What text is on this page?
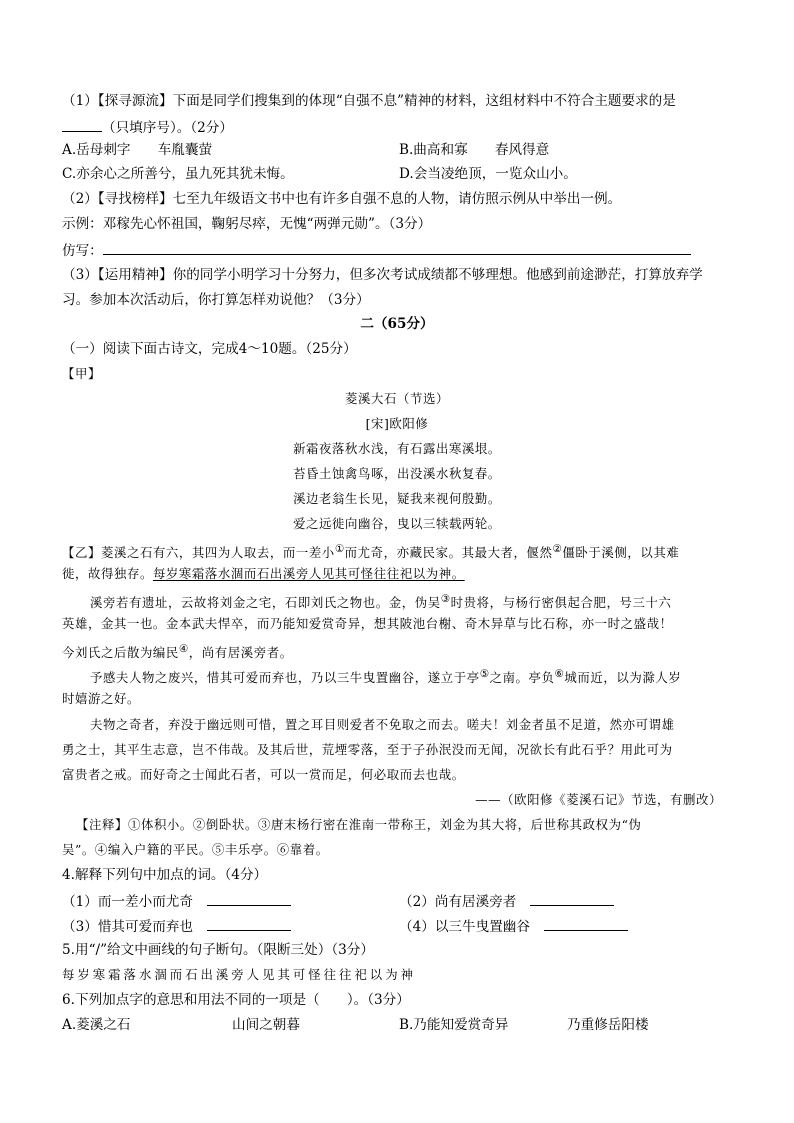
（1）【探寻源流】下面是同学们搜集到的体现“自强不息”精神的材料，这组材料中不符合主题要求的是
（只填序号）。（2分）
A.岳母刺字　　车胤囊萤	B.曲高和寡　　春风得意
C.亦余心之所善兮，虽九死其犹未悔。	D.会当凌绝顶，一览众山小。
（2）【寻找榜样】七至九年级语文书中也有许多自强不息的人物，请仿照示例从中举出一例。
示例：邓稼先心怀祖国，鞠躬尽瘁，无愧“两弹元勋”。（3分）
仿写：
（3）【运用精神】你的同学小明学习十分努力，但多次考试成绩都不够理想。他感到前途渺茫，打算放弃学
习。参加本次活动后，你打算怎样劝说他？（3分）
二（65分）
（一）阅读下面古诗文，完成4～10题。（25分）
【甲】
菱溪大石（节选）
[宋]欧阳修
新霜夜落秋水浅，有石露出寒溪垠。
苔昏土蚀禽鸟啄，出没溪水秋复春。
溪边老翁生长见，疑我来视何殷勤。
爱之远徙向幽谷，曳以三犊载两轮。
【乙】菱溪之石有六，其四为人取去，而一差小①而尤奇，亦藏民家。其最大者，偃然②僵卧于溪侧，以其难
徙，故得独存。每岁寒霜落水涸而石出溪旁人见其可怪往往祀以为神。
溪旁若有遗址，云故将刘金之宅，石即刘氏之物也。金，伪吴③时贵将，与杨行密俱起合肥，号三十六
英雄，金其一也。金本武夫悍卒，而乃能知爱赏奇异，想其陂池台榭、奇木异草与比石称，亦一时之盛哉！
今刘氏之后散为编民④，尚有居溪旁者。
予感夫人物之废兴，惜其可爱而弃也，乃以三牛曳置幽谷，遂立于亭⑤之南。亭负⑥城而近，以为滁人岁
时嬉游之好。
夫物之奇者，弃没于幽远则可惜，置之耳目则爱者不免取之而去。嗟夫！刘金者虽不足道，然亦可谓雄
勇之士，其平生志意，岂不伟哉。及其后世，荒堙零落，至于子孙泯没而无闻，况欲长有此石乎？用此可为
富贵者之戒。而好奇之士闻此石者，可以一赏而足，何必取而去也哉。
——（欧阳修《菱溪石记》节选，有删改）
【注释】①体积小。②倒卧状。③唐末杨行密在淮南一带称王，刘金为其大将，后世称其政权为“伪
吴”。④编入户籍的平民。⑤丰乐亭。⑥靠着。
4.解释下列句中加点的词。（4分）
（1）而一差小而尤奇　	（2）尚有居溪旁者　
（3）惜其可爱而弃也　	（4）以三牛曳置幽谷　
5.用“/”给文中画线的句子断句。（限断三处）（3分）
每岁寒霜落水涸而石出溪旁人见其可怪往往祀以为神
6.下列加点字的意思和用法不同的一项是（　　）。（3分）
A.菱溪之石	山间之朝暮	B.乃能知爱赏奇异	乃重修岳阳楼
